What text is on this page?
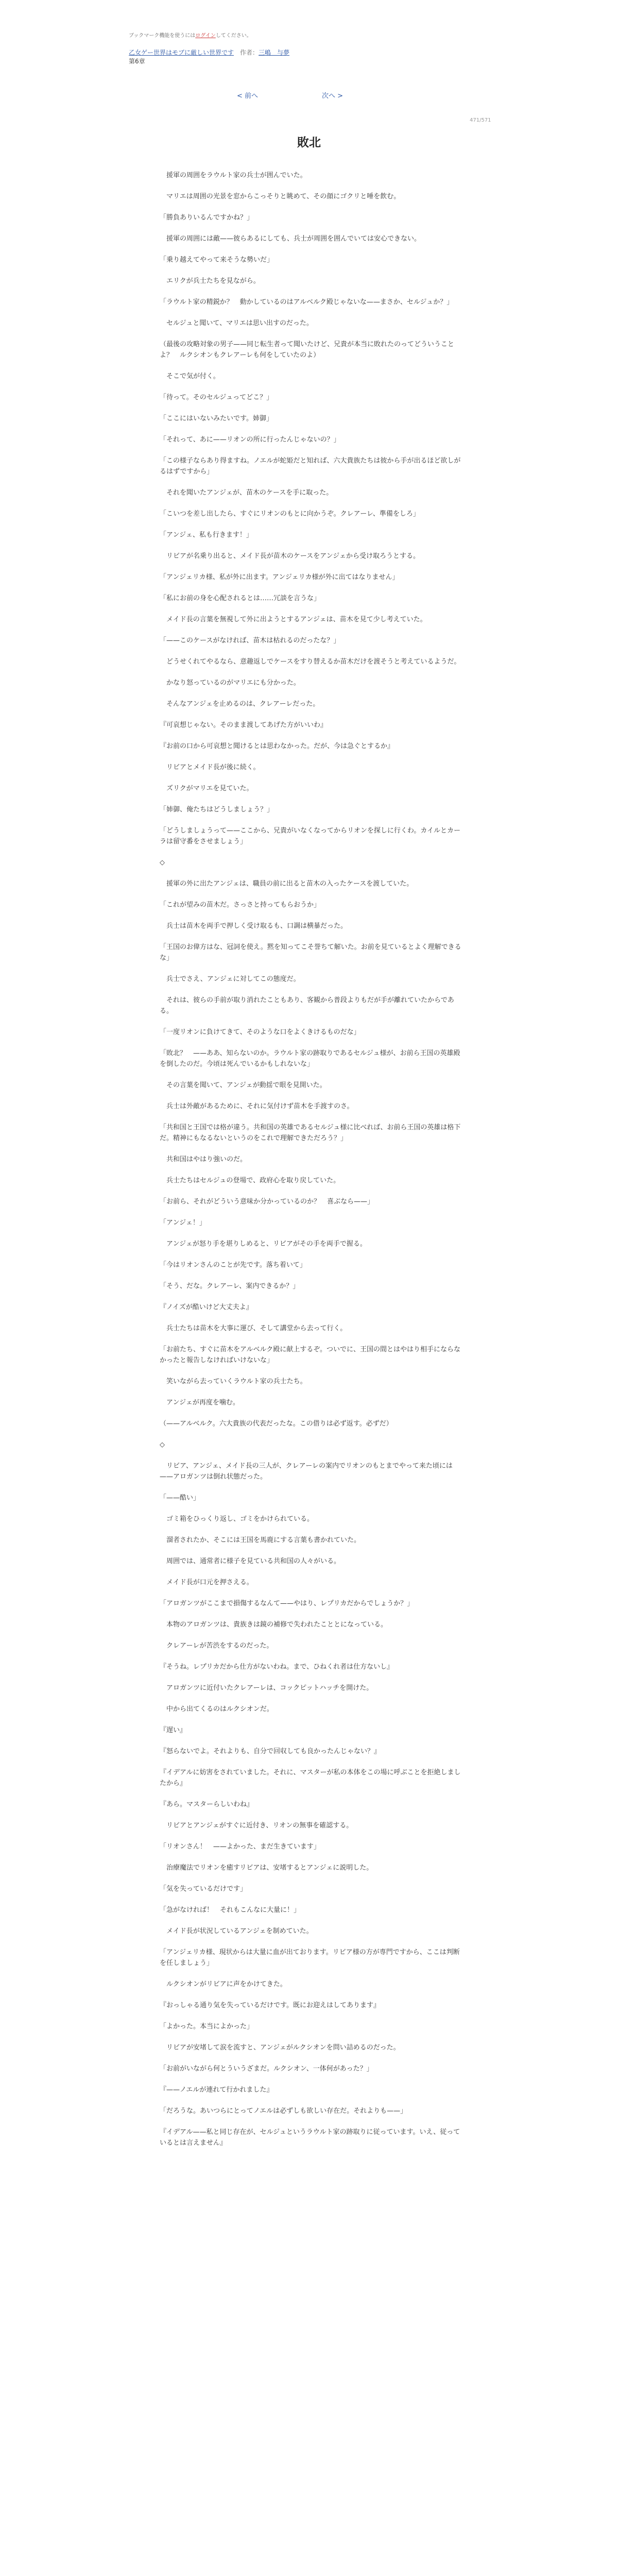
ブックマーク機能を使うにはログインしてください。
乙女ゲー世界はモブに厳しい世界です　作者：三嶋　与夢
第6章
< 前へ	次へ >
471/571
敗北

　援軍の周囲をラウルト家の兵士が囲んでいた。

　マリエは周囲の光景を窓からこっそりと眺めて、その顔にゴクリと唾を飲む。

「勝負ありいるんですかね？」

　援軍の周囲には敵——彼らあるにしても、兵士が周囲を囲んでいては安心できない。

「乗り越えてやって来そうな勢いだ」

　エリクが兵士たちを見ながら。

「ラウルト家の精鋭か？　動かしているのはアルベルク殿じゃないな——まさか、セルジュか？」

　セルジュと聞いて、マリエは思い出すのだった。

（最後の攻略対象の男子——同じ転生者って聞いたけど、兄貴が本当に敗れたのってどういうことよ？　ルクシオンもクレアーレも何をしていたのよ）

　そこで気が付く。

「待って。そのセルジュってどこ？」

「ここにはいないみたいです。姉御」

「それって、あに——リオンの所に行ったんじゃないの？」

「この様子ならあり得ますね。ノエルが蛇姫だと知れば、六大貴族たちは彼から手が出るほど欲しがるはずですから」

　それを聞いたアンジェが、苗木のケースを手に取った。

「こいつを差し出したら、すぐにリオンのもとに向かうぞ。クレアーレ、準備をしろ」

「アンジェ、私も行きます！」

　リビアが名乗り出ると、メイド長が苗木のケースをアンジェから受け取ろうとする。

「アンジェリカ様、私が外に出ます。アンジェリカ様が外に出てはなりません」

「私にお前の身を心配されるとは……冗談を言うな」

　メイド長の言葉を無視して外に出ようとするアンジェは、苗木を見て少し考えていた。

「——このケースがなければ、苗木は枯れるのだったな？」

　どうせくれてやるなら、意趣返しでケースをすり替えるか苗木だけを渡そうと考えているようだ。

　かなり怒っているのがマリエにも分かった。

　そんなアンジェを止めるのは、クレアーレだった。

『可哀想じゃない。そのまま渡してあげた方がいいわ』

『お前の口から可哀想と聞けるとは思わなかった。だが、今は急ぐとするか』

　リビアとメイド長が後に続く。

　ズリクがマリエを見ていた。

「姉御、俺たちはどうしましょう？」

「どうしましょうって——ここから、兄貴がいなくなってからリオンを探しに行くわ。カイルとカーラは留守番をさせましょう」

◇

　援軍の外に出たアンジェは、職員の前に出ると苗木の入ったケースを渡していた。

「これが望みの苗木だ。さっさと持ってもらおうか」

　兵士は苗木を両手で押しく受け取るも、口調は横暴だった。

「王国のお偉方はな、冠詞を使え。黙を知ってこそ誉ちて解いた。お前を見ているとよく理解できるな」

　兵士でさえ、アンジェに対してこの態度だ。

　それは、彼らの手前が取り消れたこともあり、客観から普段よりもだが手が離れていたからである。

「一度リオンに負けてきて、そのような口をよくきけるものだな」

「敗北？　——ああ、知らないのか。ラウルト家の跡取りであるセルジュ様が、お前ら王国の英雄殿を倒したのだ。今頃は死んでいるかもしれないな」

　その言葉を聞いて、アンジェが動揺で眼を見開いた。

　兵士は外敵があるために、それに気付けず苗木を手渡すのさ。

「共和国と王国では格が違う。共和国の英雄であるセルジュ様に比べれば、お前ら王国の英雄は格下だ。精神にもなるないというのをこれで理解できただろう？」

　共和国はやはり強いのだ。

　兵士たちはセルジュの登場で、政府心を取り戻していた。

「お前ら、それがどういう意味か分かっているのか？　喜ぶなら——」

「アンジェ！」

　アンジェが怒り手を堪りしめると、リビアがその手を両手で握る。

「今はリオンさんのことが先です。落ち着いて」

「そう、だな。クレアーレ、案内できるか？」

『ノイズが酷いけど大丈夫よ』

　兵士たちは苗木を大事に運び、そして講堂から去って行く。

「お前たち、すぐに苗木をアルベルク殿に献上するぞ。ついでに、王国の間とはやはり相手にならなかったと報告しなければいけないな」

　笑いながら去っていくラウルト家の兵士たち。

　アンジェが再度を噛む。

（——アルベルク。六大貴族の代表だったな。この借りは必ず返す。必ずだ）

◇

　リビア、アンジェ、メイド長の三人が、クレアーレの案内でリオンのもとまでやって来た頃には——アロガンツは倒れ状態だった。

「——酷い」

　ゴミ箱をひっくり返し、ゴミをかけられている。

　溜者されたか、そこには王国を馬鹿にする言葉も書かれていた。

　周囲では、通常者に様子を見ている共和国の人々がいる。

　メイド長が口元を押さえる。

「アロガンツがここまで損傷するなんて——やはり、レプリカだからでしょうか？」

　本物のアロガンツは、貴族きは鏡の補修で失われたこととになっている。

　クレアーレが苦渋をするのだった。

『そうね。レプリカだから仕方がないわね。まで、ひねくれ者は仕方ないし』

　アロガンツに近付いたクレアーレは、コックピットハッチを開けた。

　中から出てくるのはルクシオンだ。

『遅い』

『怒らないでよ。それよりも、自分で回収しても良かったんじゃない？』

『イデアルに妨害をされていました。それに、マスターが私の本体をこの場に呼ぶことを拒絶しましたから』

『あら。マスターらしいわね』

　リビアとアンジェがすぐに近付き、リオンの無事を確認する。

「リオンさん！　——よかった、まだ生きています」

　治療魔法でリオンを癒すリビアは、安堵するとアンジェに説明した。

「気を失っているだけです」

「急がなければ！　それもこんなに大量に！」

　メイド長が状況しているアンジェを制めていた。

「アンジェリカ様、現状からは大量に血が出ております。リビア様の方が専門ですから、ここは判断を任しましょう」

　ルクシオンがリビアに声をかけてきた。

『おっしゃる通り気を失っているだけです。既にお迎えはしてあります』

「よかった。本当によかった」

　リビアが安堵して涙を流すと、アンジェがルクシオンを問い詰めるのだった。

「お前がいながら何とういうざまだ。ルクシオン、一体何があった？」

『——ノエルが連れて行かれました』

「だろうな。あいつらにとってノエルは必ずしも欲しい存在だ。それよりも——」

『イデアル——私と同じ存在が、セルジュというラウルト家の跡取りに従っています。いえ、従っているとは言えません』
